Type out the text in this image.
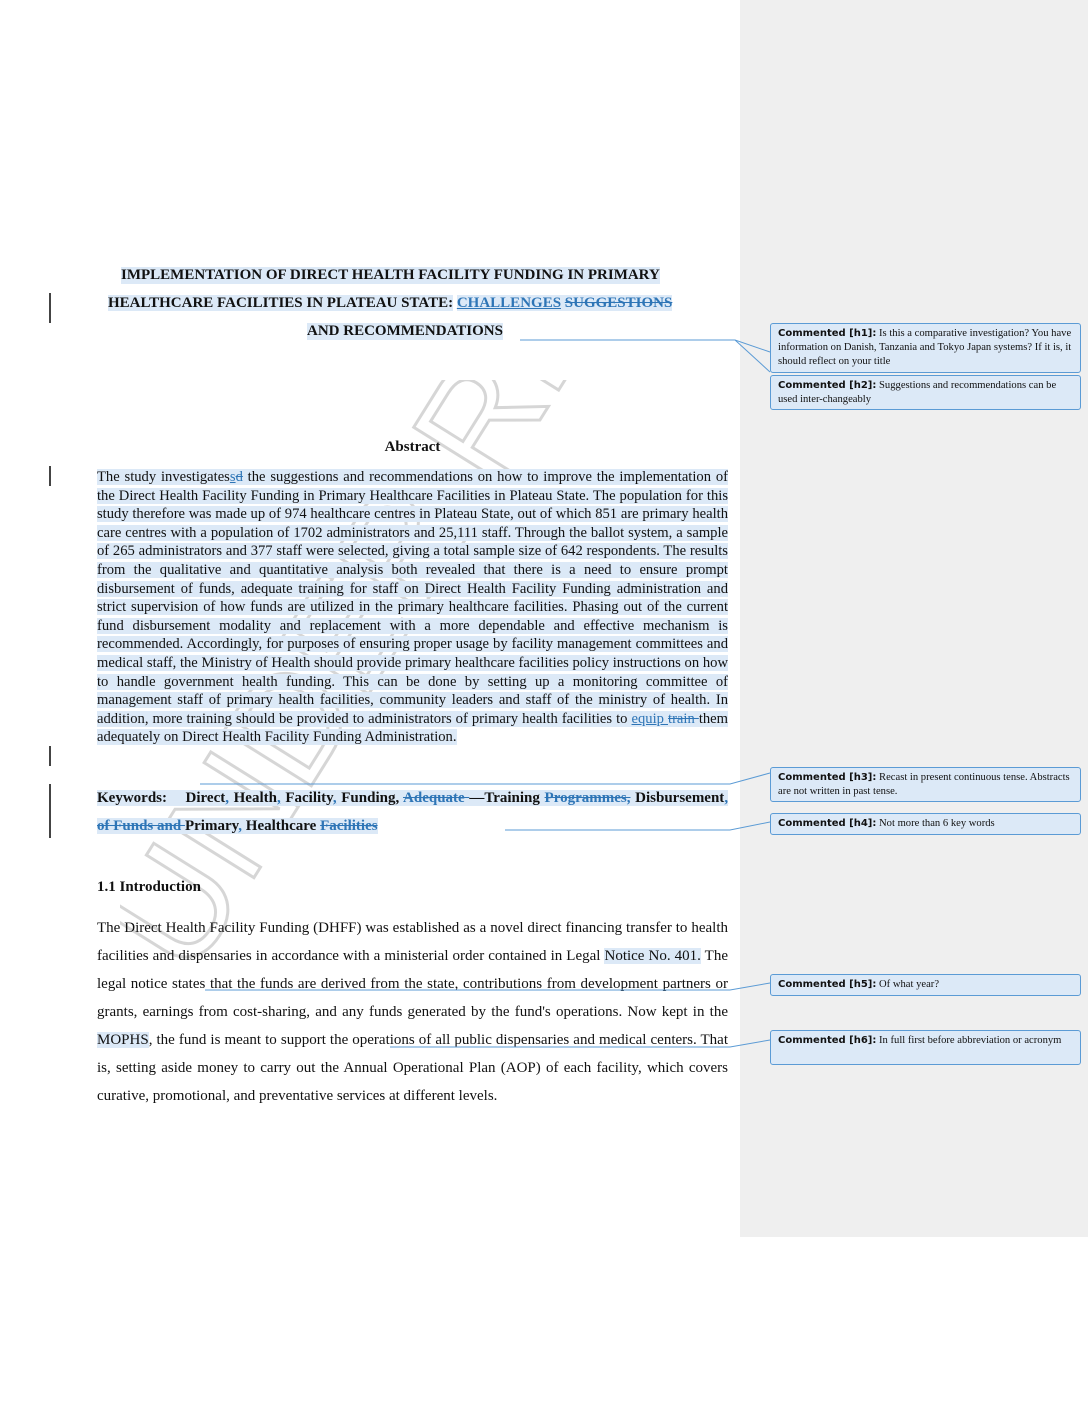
IMPLEMENTATION OF DIRECT HEALTH FACILITY FUNDING IN PRIMARY
HEALTHCARE FACILITIES IN PLATEAU STATE: CHALLENGES SUGGESTIONS
AND RECOMMENDATIONS
Abstract
The study investigatessd the suggestions and recommendations on how to improve the implementation of the Direct Health Facility Funding in Primary Healthcare Facilities in Plateau State. The population for this study therefore was made up of 974 healthcare centres in Plateau State, out of which 851 are primary health care centres with a population of 1702 administrators and 25,111 staff. Through the ballot system, a sample of 265 administrators and 377 staff were selected, giving a total sample size of 642 respondents. The results from the qualitative and quantitative analysis both revealed that there is a need to ensure prompt disbursement of funds, adequate training for staff on Direct Health Facility Funding administration and strict supervision of how funds are utilized in the primary healthcare facilities. Phasing out of the current fund disbursement modality and replacement with a more dependable and effective mechanism is recommended. Accordingly, for purposes of ensuring proper usage by facility management committees and medical staff, the Ministry of Health should provide primary healthcare facilities policy instructions on how to handle government health funding. This can be done by setting up a monitoring committee of management staff of primary health facilities, community leaders and staff of the ministry of health. In addition, more training should be provided to administrators of primary health facilities to equip train them adequately on Direct Health Facility Funding Administration.
Keywords: Direct, Health, Facility, Funding, Adequate —Training Programmes, Disbursement, of Funds and Primary, Healthcare Facilities
1.1 Introduction
The Direct Health Facility Funding (DHFF) was established as a novel direct financing transfer to health facilities and dispensaries in accordance with a ministerial order contained in Legal Notice No. 401. The legal notice states that the funds are derived from the state, contributions from development partners or grants, earnings from cost-sharing, and any funds generated by the fund's operations. Now kept in the MOPHS, the fund is meant to support the operations of all public dispensaries and medical centers. That is, setting aside money to carry out the Annual Operational Plan (AOP) of each facility, which covers curative, promotional, and preventative services at different levels.
Commented [h1]: Is this a comparative investigation? You have information on Danish, Tanzania and Tokyo Japan systems? If it is, it should reflect on your title
Commented [h2]: Suggestions and recommendations can be used inter-changeably
Commented [h3]: Recast in present continuous tense. Abstracts are not written in past tense.
Commented [h4]: Not more than 6 key words
Commented [h5]: Of what year?
Commented [h6]: In full first before abbreviation or acronym
